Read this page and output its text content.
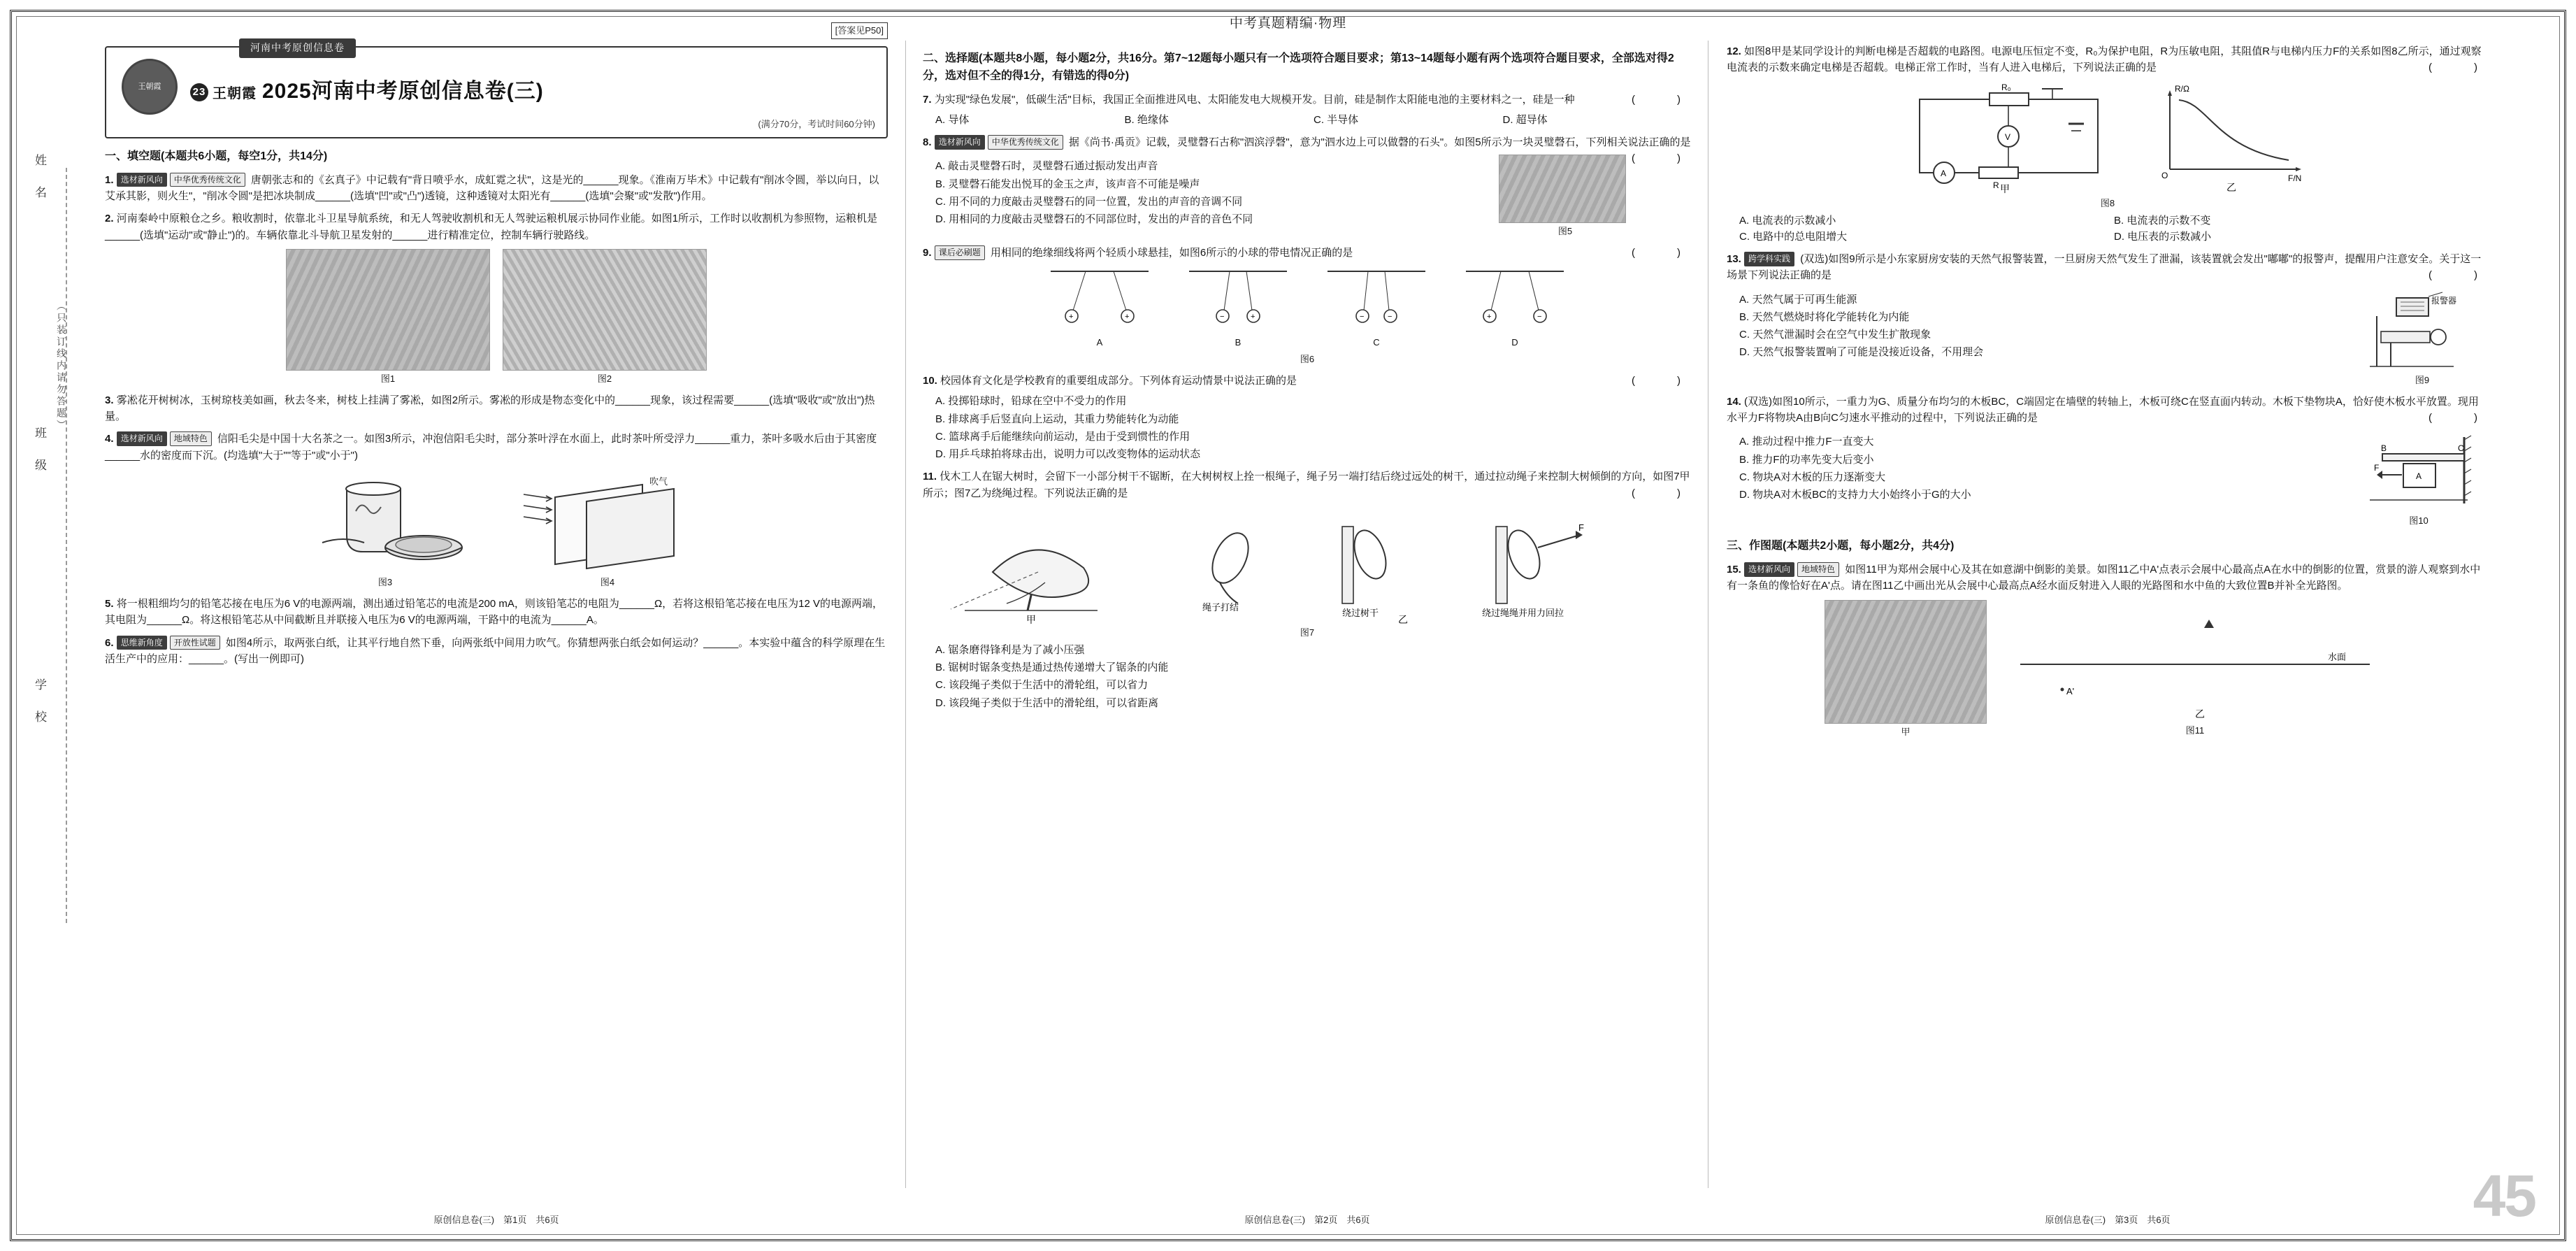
中考真题精编·物理
姓　名
班　级
学　校
（只装订线内请勿答题）
[答案见P50]
河南中考原创信息卷
王朝霞	23 王朝霞 2025河南中考原创信息卷(三)
(满分70分，考试时间60分钟)
一、填空题(本题共6小题，每空1分，共14分)
1. 选材新风向 中华优秀传统文化 唐朝张志和的《玄真子》中记载有"背日喷乎水，成虹霓之状"，这是光的______现象。《淮南万毕术》中记载有"削冰令圆，举以向日，以艾承其影，则火生"，"削冰令圆"是把冰块制成______(选填"凹"或"凸")透镜，这种透镜对太阳光有______(选填"会聚"或"发散")作用。
2. 河南秦岭中原粮仓之乡。粮收割时，依靠北斗卫星导航系统，和无人驾驶收割机和无人驾驶运粮机展示协同作业能。如图1所示，工作时以收割机为参照物，运粮机是______(选填"运动"或"静止")的。车辆依靠北斗导航卫星发射的______进行精准定位，控制车辆行驶路线。
图1	图2
3. 雾凇花开树树冰，玉树琼枝美如画，秋去冬来，树枝上挂满了雾凇，如图2所示。雾凇的形成是物态变化中的______现象，该过程需要______(选填"吸收"或"放出")热量。
4. 选材新风向 地域特色 信阳毛尖是中国十大名茶之一。如图3所示，冲泡信阳毛尖时，部分茶叶浮在水面上，此时茶叶所受浮力______重力，茶叶多吸水后由于其密度______水的密度而下沉。(均选填"大于""等于"或"小于")
图3
吹气
图4
5. 将一根粗细均匀的铅笔芯接在电压为6 V的电源两端，测出通过铅笔芯的电流是200 mA，则该铅笔芯的电阻为______Ω，若将这根铅笔芯接在电压为12 V的电源两端，其电阻为______Ω。将这根铅笔芯从中间截断且并联接入电压为6 V的电源两端，干路中的电流为______A。
6. 思维新角度 开放性试题 如图4所示，取两张白纸，让其平行地自然下垂，向两张纸中间用力吹气。你猜想两张白纸会如何运动？______。本实验中蕴含的科学原理在生活生产中的应用：______。(写出一例即可)
原创信息卷(三)　第1页　共6页
二、选择题(本题共8小题，每小题2分，共16分。第7~12题每小题只有一个选项符合题目要求；第13~14题每小题有两个选项符合题目要求，全部选对得2分，选对但不全的得1分，有错选的得0分)
7. 为实现"绿色发展"，低碳生活"目标，我国正全面推进风电、太阳能发电大规模开发。目前，硅是制作太阳能电池的主要材料之一，硅是一种	(　　)
A. 导体	B. 绝缘体	C. 半导体	D. 超导体
8. 选材新风向 中华优秀传统文化 据《尚书·禹贡》记载，灵璧磬石古称"泗滨浮磬"，意为"泗水边上可以做磬的石头"。如图5所示为一块灵璧磬石，下列相关说法正确的是
(　　)
A. 敲击灵璧磬石时，灵璧磬石通过振动发出声音
B. 灵璧磬石能发出悦耳的金玉之声，该声音不可能是噪声
C. 用不同的力度敲击灵璧磬石的同一位置，发出的声音的音调不同
D. 用相同的力度敲击灵璧磬石的不同部位时，发出的声音的音色不同
图5
9. 课后必刷题 用相同的绝缘细线将两个轻质小球悬挂，如图6所示的小球的带电情况正确的是	(　　)
+	+
A
−	+
B
−	−
C
+	−
D
图6
10. 校园体育文化是学校教育的重要组成部分。下列体育运动情景中说法正确的是	(　　)
A. 投掷铅球时，铅球在空中不受力的作用
B. 排球离手后竖直向上运动，其重力势能转化为动能
C. 篮球离手后能继续向前运动，是由于受到惯性的作用
D. 用乒乓球拍将球击出，说明力可以改变物体的运动状态
11. 伐木工人在锯大树时，会留下一小部分树干不锯断，在大树树杈上拴一根绳子，绳子另一端打结后绕过远处的树干，通过拉动绳子来控制大树倾倒的方向，如图7甲所示；图7乙为绕绳过程。下列说法正确的是	(　　)
甲
绳子打结
绕过树干
F
绕过绳绳并用力回拉
乙
图7
A. 锯条磨得锋利是为了减小压强
B. 锯树时锯条变热是通过热传递增大了锯条的内能
C. 该段绳子类似于生活中的滑轮组，可以省力
D. 该段绳子类似于生活中的滑轮组，可以省距离
原创信息卷(三)　第2页　共6页
12. 如图8甲是某同学设计的判断电梯是否超载的电路图。电源电压恒定不变，R₀为保护电阻，R为压敏电阻，其阻值R与电梯内压力F的关系如图8乙所示，通过观察电流表的示数来确定电梯是否超载。电梯正常工作时，当有人进入电梯后，下列说法正确的是	(　　)
R₀
V
A
R 甲
R/Ω
F/N
O
乙
图8
A. 电流表的示数减小	B. 电流表的示数不变
C. 电路中的总电阻增大	D. 电压表的示数减小
13. 跨学科实践 (双选)如图9所示是小东家厨房安装的天然气报警装置，一旦厨房天然气发生了泄漏，该装置就会发出"嘟嘟"的报警声，提醒用户注意安全。关于这一场景下列说法正确的是	(　　)
A. 天然气属于可再生能源
B. 天然气燃烧时将化学能转化为内能
C. 天然气泄漏时会在空气中发生扩散现象
D. 天然气报警装置响了可能是没接近设备，不用理会
报警器
图9
14. (双选)如图10所示，一重力为G、质量分布均匀的木板BC，C端固定在墙壁的转轴上，木板可绕C在竖直面内转动。木板下垫物块A，恰好使木板水平放置。现用水平力F将物块A由B向C匀速水平推动的过程中，下列说法正确的是	(　　)
A. 推动过程中推力F一直变大
B. 推力F的功率先变大后变小
C. 物块A对木板的压力逐渐变大
D. 物块A对木板BC的支持力大小始终小于G的大小
B	C
A
F
图10
三、作图题(本题共2小题，每小题2分，共4分)
15. 选材新风向 地域特色 如图11甲为郑州会展中心及其在如意湖中倒影的美景。如图11乙中A'点表示会展中心最高点A在水中的倒影的位置，赏景的游人观察到水中有一条鱼的像恰好在A'点。请在图11乙中画出光从会展中心最高点A经水面反射进入人眼的光路图和水中鱼的大致位置B并补全光路图。
甲
水面
A'
乙
图11
原创信息卷(三)　第3页　共6页	45
